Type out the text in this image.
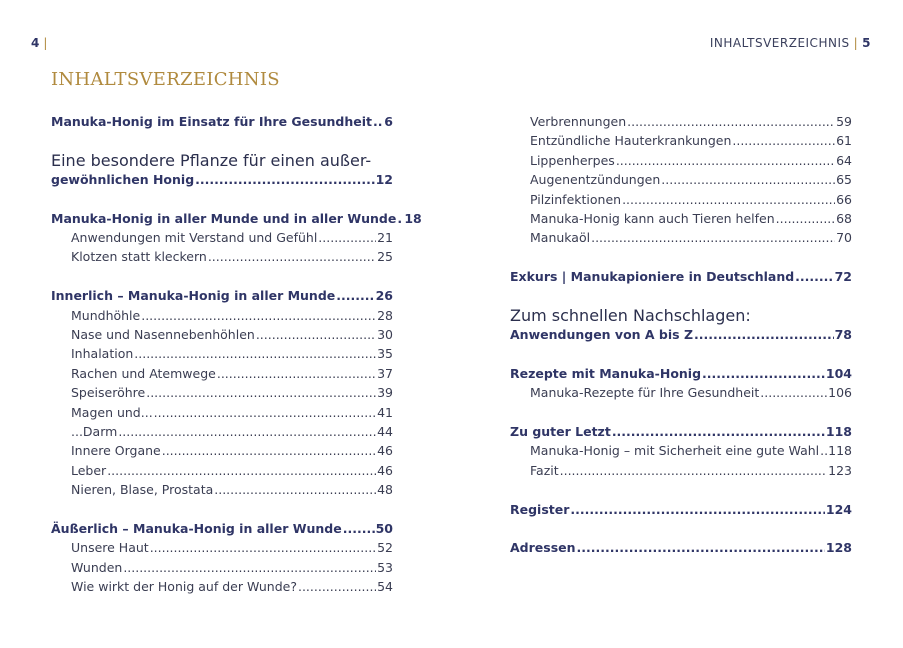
4 |	INHALTSVERZEICHNIS | 5
INHALTSVERZEICHNIS
Manuka-Honig im Einsatz für Ihre Gesundheit ..... 6
Eine besondere Pflanze für einen außer-
gewöhnlichen Honig .....	12
Manuka-Honig in aller Munde und in aller Wunde ..... 18
Anwendungen mit Verstand und Gefühl .....	21
Klotzen statt kleckern .....	25
Innerlich – Manuka-Honig in aller Munde .....	26
Mundhöhle .....	28
Nase und Nasennebenhöhlen .....	30
Inhalation .....	35
Rachen und Atemwege .....	37
Speiseröhre .....	39
Magen und... .....	41
...Darm .....	44
Innere Organe .....	46
Leber .....	46
Nieren, Blase, Prostata .....	48
Äußerlich – Manuka-Honig in aller Wunde .....	50
Unsere Haut .....	52
Wunden .....	53
Wie wirkt der Honig auf der Wunde? .....	54
Verbrennungen .....	59
Entzündliche Hauterkrankungen .....	61
Lippenherpes .....	64
Augenentzündungen .....	65
Pilzinfektionen .....	66
Manuka-Honig kann auch Tieren helfen .....	68
Manukaöl .....	70
Exkurs | Manukapioniere in Deutschland .....	72
Zum schnellen Nachschlagen:
Anwendungen von A bis Z .....	78
Rezepte mit Manuka-Honig .....	104
Manuka-Rezepte für Ihre Gesundheit .....	106
Zu guter Letzt .....	118
Manuka-Honig – mit Sicherheit eine gute Wahl ..... 118
Fazit .....	123
Register .....	124
Adressen .....	128
